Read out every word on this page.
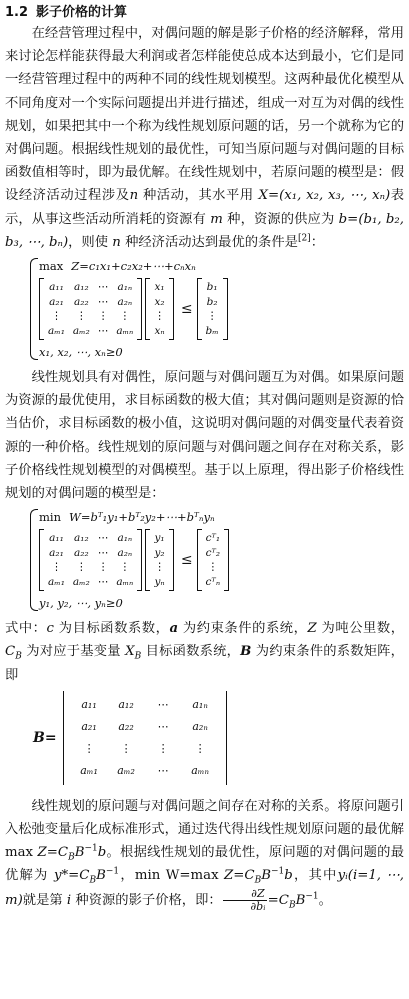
1.2 影子价格的计算

在经营管理过程中，对偶问题的解是影子价格的经济解释，常用来讨论怎样能获得最大利润或者怎样能使总成本达到最小，它们是同一经营管理过程中的两种不同的线性规划模型。这两种最优化模型从不同角度对一个实际问题提出并进行描述，组成一对互为对偶的线性规划，如果把其中一个称为线性规划原问题的话，另一个就称为它的对偶问题。根据线性规划的最优性，可知当原问题与对偶问题的目标函数值相等时，即为最优解。在线性规划中，若原问题的模型是：假设经济活动过程涉及n 种活动，其水平用 X=(x₁, x₂, x₃, ⋯, xₙ)表示，从事这些活动所消耗的资源有 m 种，资源的供应为 b=(b₁, b₂, b₃, ⋯, bₙ)，则使 n 种经济活动达到最优的条件是[2]：

max Z=c₁x₁+c₂x₂+⋯+cₙxₙ
a₁₁ a₁₂ ⋯ a₁ₙ
a₂₁ a₂₂ ⋯ a₂ₙ
⋮	⋮	⋮	⋮
aₘ₁ aₘ₂ ⋯ aₘₙ
x₁
x₂
⋮
xₙ
≤
b₁
b₂
⋮
bₘ
x₁, x₂, ⋯, xₙ≥0

线性规划具有对偶性，原问题与对偶问题互为对偶。如果原问题为资源的最优使用，求目标函数的极大值；其对偶问题则是资源的恰当估价，求目标函数的极小值，这说明对偶问题的对偶变量代表着资源的一种价格。线性规划的原问题与对偶问题之间存在对称关系，影子价格线性规划模型的对偶模型。基于以上原理，得出影子价格线性规划的对偶问题的模型是：

min W=bᵀ₁y₁+bᵀ₂y₂+⋯+bᵀₙyₙ
a₁₁ a₁₂ ⋯ a₁ₙ
a₂₁ a₂₂ ⋯ a₂ₙ
⋮	⋮	⋮	⋮
aₘ₁ aₘ₂ ⋯ aₘₙ
y₁
y₂
⋮
yₙ
≤
cᵀ₁
cᵀ₂
⋮
cᵀₙ
y₁, y₂, ⋯, yₙ≥0

式中：c 为目标函数系数，a 为约束条件的系统，Z 为吨公里数，$C_B$ 为对应于基变量 $X_B$ 目标函数系统，B 为约束条件的系数矩阵，即

B=
a₁₁	a₁₂	⋯	a₁ₙ
a₂₁	a₂₂	⋯	a₂ₙ
⋮	⋮	⋮	⋮
aₘ₁	aₘ₂	⋯	aₘₙ

线性规划的原问题与对偶问题之间存在对称的关系。将原问题引入松弛变量后化成标准形式，通过迭代得出线性规划原问题的最优解 $\max Z=C_BB^{-1}b$。根据线性规划的最优性，原问题的对偶问题的最优解为 $y*=C_BB^{-1}$，min W=max $Z=C_BB^{-1}b$，其中yᵢ(i=1, ⋯, m)就是第 i 种资源的影子价格，即： $\frac{\partial Z}{\text{∂bᵢ}} =C_BB^{-1}$。
